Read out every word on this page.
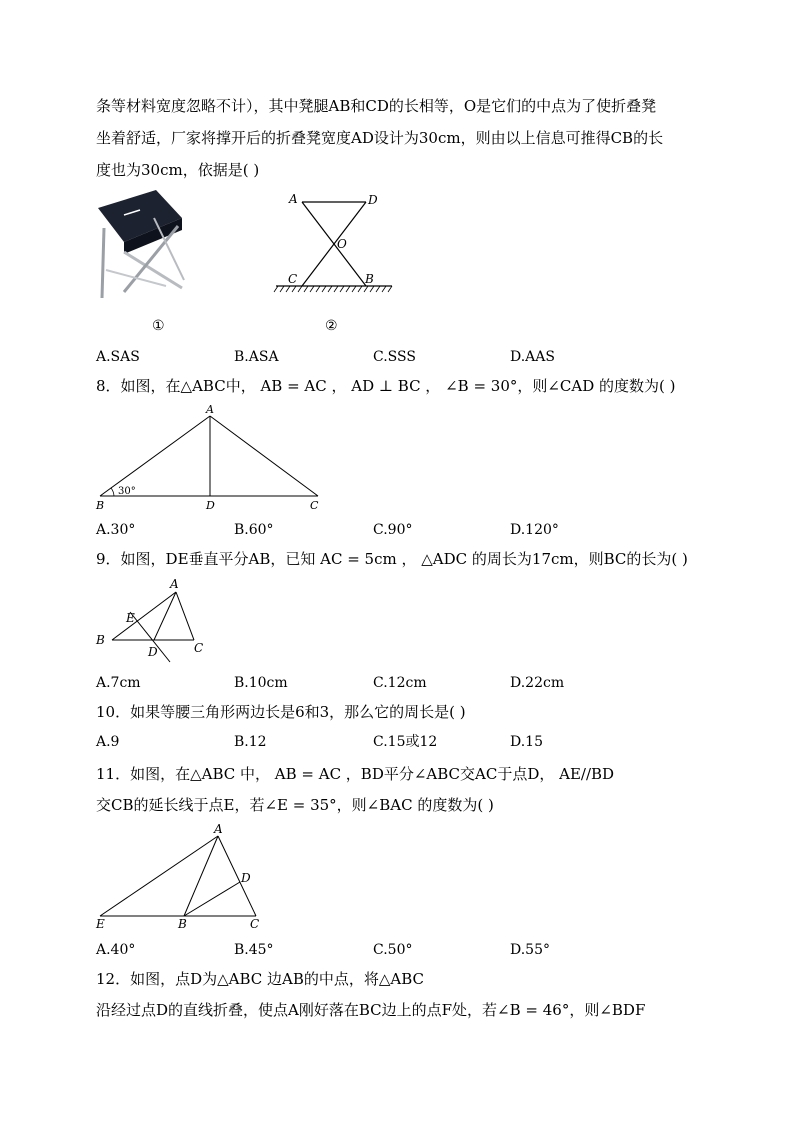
条等材料宽度忽略不计），其中凳腿AB和CD的长相等，O是它们的中点为了使折叠凳
坐着舒适，厂家将撑开后的折叠凳宽度AD设计为30cm，则由以上信息可推得CB的长
度也为30cm，依据是( )
A	D
O
C	B
①	②
A.SAS	B.ASA	C.SSS	D.AAS
8．如图，在△ABC中， AB = AC ， AD ⊥ BC ， ∠B = 30°，则∠CAD 的度数为( )
30°
A
B	D	C
A.30°	B.60°	C.90°	D.120°
9．如图，DE垂直平分AB，已知 AC = 5cm ， △ADC 的周长为17cm，则BC的长为( )
A
E
B
C
D
A.7cm	B.10cm	C.12cm	D.22cm
10．如果等腰三角形两边长是6和3，那么它的周长是( )
A.9	B.12	C.15或12	D.15
11．如图，在△ABC 中， AB = AC ，BD平分∠ABC交AC于点D， AE//BD
交CB的延长线于点E，若∠E = 35°，则∠BAC 的度数为( )
A
D
E	B	C
A.40°	B.45°	C.50°	D.55°
12．如图，点D为△ABC 边AB的中点，将△ABC
沿经过点D的直线折叠，使点A刚好落在BC边上的点F处，若∠B = 46°，则∠BDF
